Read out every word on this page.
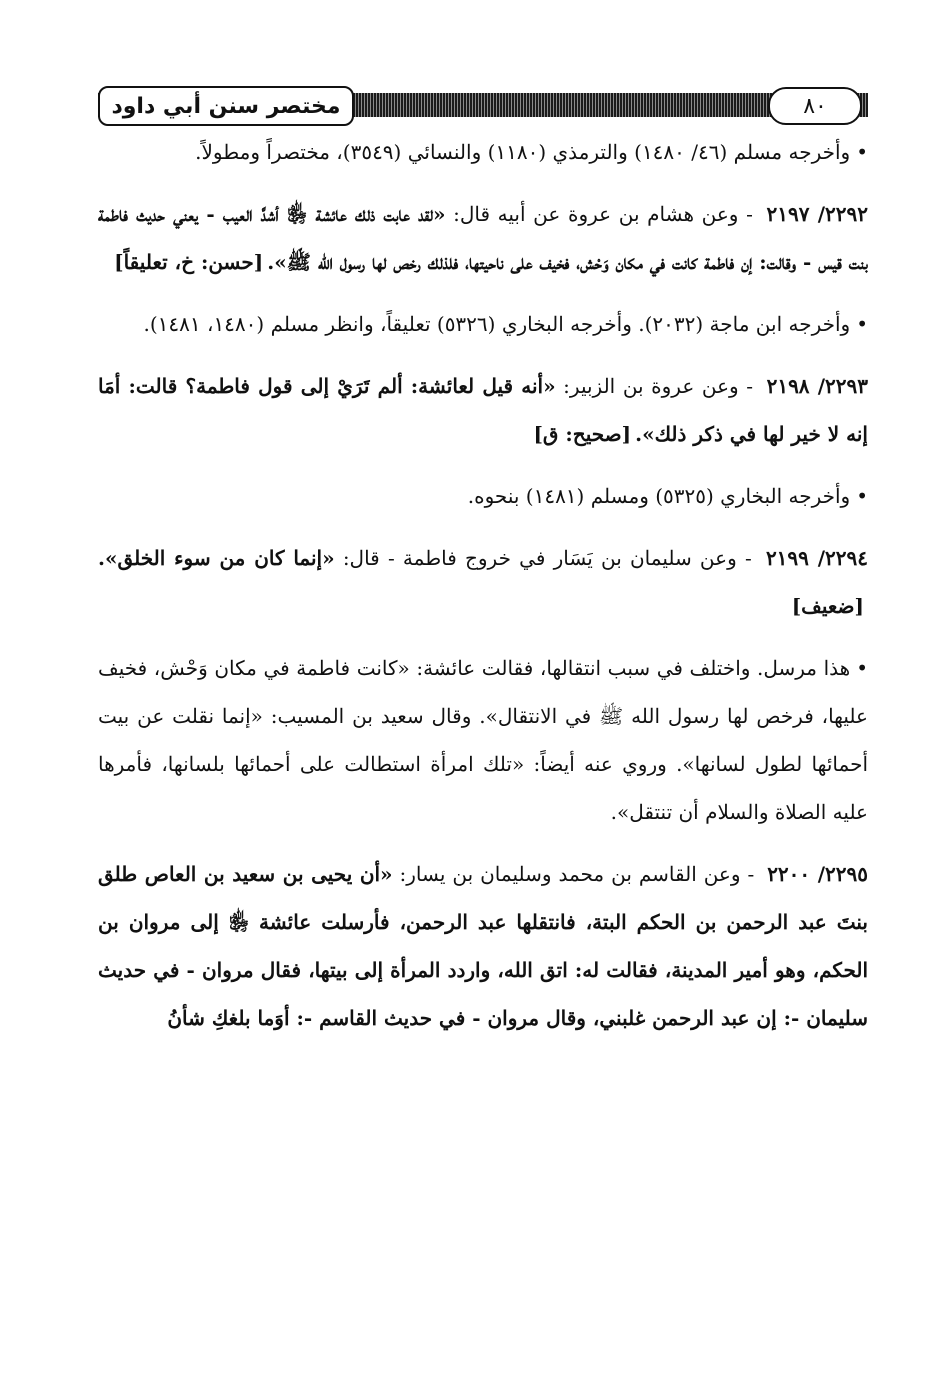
٨٠
مختصر سنن أبي داود

•وأخرجه مسلم (٤٦/ ١٤٨٠) والترمذي (١١٨٠) والنسائي (٣٥٤٩)، مختصراً ومطولاً.

٢٢٩٢/ ٢١٩٧ - وعن هشام بن عروة عن أبيه قال: «لقد عابت ذلك عائشة ﵂ أشدَّ العيب - يعني حديث فاطمة بنت قيس - وقالت: إن فاطمة كانت في مكان وَحْش، فخيف على ناحيتها، فلذلك رخص لها رسول الله ﷺ».[حسن: خ، تعليقاً]

•وأخرجه ابن ماجة (٢٠٣٢). وأخرجه البخاري (٥٣٢٦) تعليقاً، وانظر مسلم (١٤٨٠، ١٤٨١).

٢٢٩٣/ ٢١٩٨ - وعن عروة بن الزبير: «أنه قيل لعائشة: ألم تَرَيْ إلى قول فاطمة؟ قالت: أمَا إنه لا خير لها في ذكر ذلك».[صحيح: ق]

•وأخرجه البخاري (٥٣٢٥) ومسلم (١٤٨١) بنحوه.

٢٢٩٤/ ٢١٩٩ - وعن سليمان بن يَسَار في خروج فاطمة - قال: «إنما كان من سوء الخلق».[ضعيف]

•هذا مرسل. واختلف في سبب انتقالها، فقالت عائشة: «كانت فاطمة في مكان وَحْش، فخيف عليها، فرخص لها رسول الله ﷺ في الانتقال». وقال سعيد بن المسيب: «إنما نقلت عن بيت أحمائها لطول لسانها». وروي عنه أيضاً: «تلك امرأة استطالت على أحمائها بلسانها، فأمرها عليه الصلاة والسلام أن تنتقل».

٢٢٩٥/ ٢٢٠٠ - وعن القاسم بن محمد وسليمان بن يسار: «أن يحيى بن سعيد بن العاص طلق بنتَ عبد الرحمن بن الحكم البتة، فانتقلها عبد الرحمن، فأرسلت عائشة ﵂ إلى مروان بن الحكم، وهو أمير المدينة، فقالت له: اتق الله، واردد المرأة إلى بيتها، فقال مروان - في حديث سليمان -: إن عبد الرحمن غلبني، وقال مروان - في حديث القاسم -: أوَما بلغكِ شأنُ
